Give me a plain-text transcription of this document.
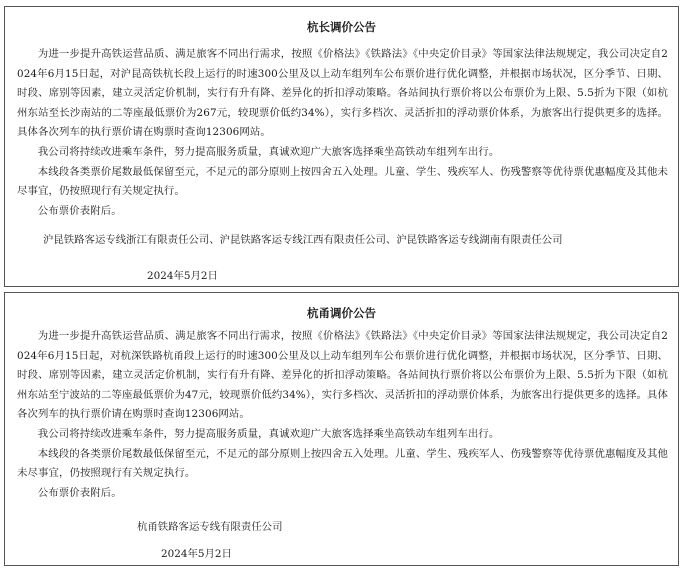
杭长调价公告

为进一步提升高铁运营品质、满足旅客不同出行需求，按照《价格法》《铁路法》《中央定价目录》等国家法律法规规定，我公司决定自2024年6月15日起，对沪昆高铁杭长段上运行的时速300公里及以上动车组列车公布票价进行优化调整，并根据市场状况，区分季节、日期、时段、席别等因素，建立灵活定价机制，实行有升有降、差异化的折扣浮动策略。各站间执行票价将以公布票价为上限、5.5折为下限（如杭州东站至长沙南站的二等座最低票价为267元，较现票价低约34%），实行多档次、灵活折扣的浮动票价体系，为旅客出行提供更多的选择。具体各次列车的执行票价请在购票时查询12306网站。

我公司将持续改进乘车条件，努力提高服务质量，真诚欢迎广大旅客选择乘坐高铁动车组列车出行。

本线段各类票价尾数最低保留至元，不足元的部分原则上按四舍五入处理。儿童、学生、残疾军人、伤残警察等优待票优惠幅度及其他未尽事宜，仍按照现行有关规定执行。

公布票价表附后。

沪昆铁路客运专线浙江有限责任公司、沪昆铁路客运专线江西有限责任公司、沪昆铁路客运专线湖南有限责任公司
2024年5月2日
杭甬调价公告

为进一步提升高铁运营品质、满足旅客不同出行需求，按照《价格法》《铁路法》《中央定价目录》等国家法律法规规定，我公司决定自2024年6月15日起，对杭深铁路杭甬段上运行的时速300公里及以上动车组列车公布票价进行优化调整，并根据市场状况，区分季节、日期、时段、席别等因素，建立灵活定价机制，实行有升有降、差异化的折扣浮动策略。各站间执行票价将以公布票价为上限、5.5折为下限（如杭州东站至宁波站的二等座最低票价为47元，较现票价低约34%），实行多档次、灵活折扣的浮动票价体系，为旅客出行提供更多的选择。具体各次列车的执行票价请在购票时查询12306网站。

我公司将持续改进乘车条件，努力提高服务质量，真诚欢迎广大旅客选择乘坐高铁动车组列车出行。

本线段的各类票价尾数最低保留至元，不足元的部分原则上按四舍五入处理。儿童、学生、残疾军人、伤残警察等优待票优惠幅度及其他未尽事宜，仍按照现行有关规定执行。

公布票价表附后。

杭甬铁路客运专线有限责任公司
2024年5月2日
